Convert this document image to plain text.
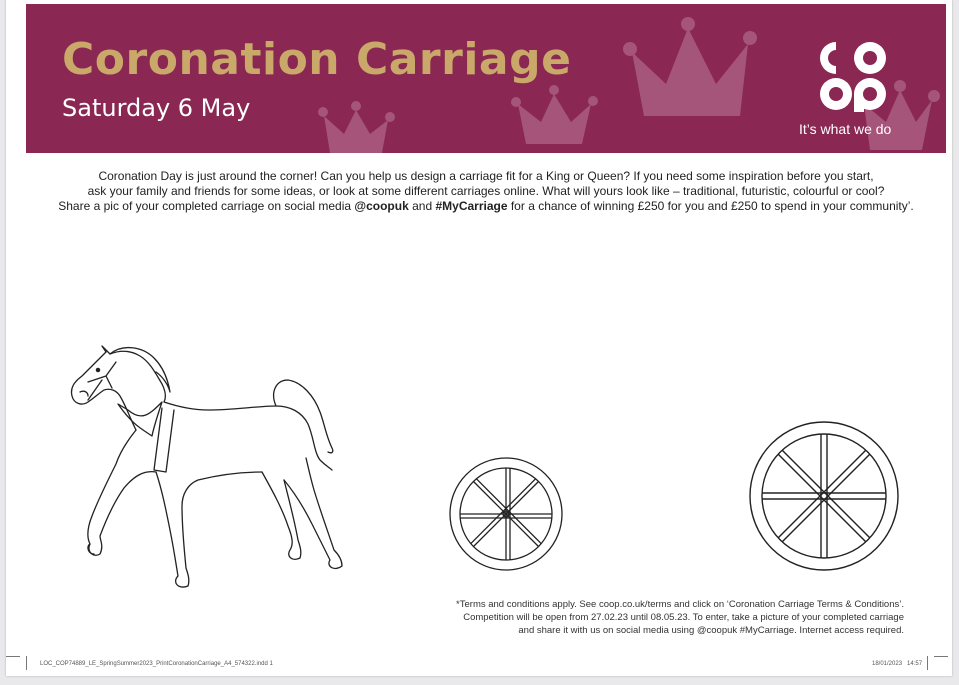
Coronation Carriage
Saturday 6 May
It’s what we do
Coronation Day is just around the corner! Can you help us design a carriage fit for a King or Queen? If you need some inspiration before you start,
ask your family and friends for some ideas, or look at some different carriages online. What will yours look like – traditional, futuristic, colourful or cool?
Share a pic of your completed carriage on social media @coopuk and #MyCarriage for a chance of winning £250 for you and £250 to spend in your community’.
*Terms and conditions apply. See coop.co.uk/terms and click on ‘Coronation Carriage Terms & Conditions’.
Competition will be open from 27.02.23 until 08.05.23. To enter, take a picture of your completed carriage
and share it with us on social media using @coopuk #MyCarriage. Internet access required.
LOC_COP74889_LE_SpringSummer2023_PrintCoronationCarriage_A4_574322.indd 1	18/01/2023 14:57
